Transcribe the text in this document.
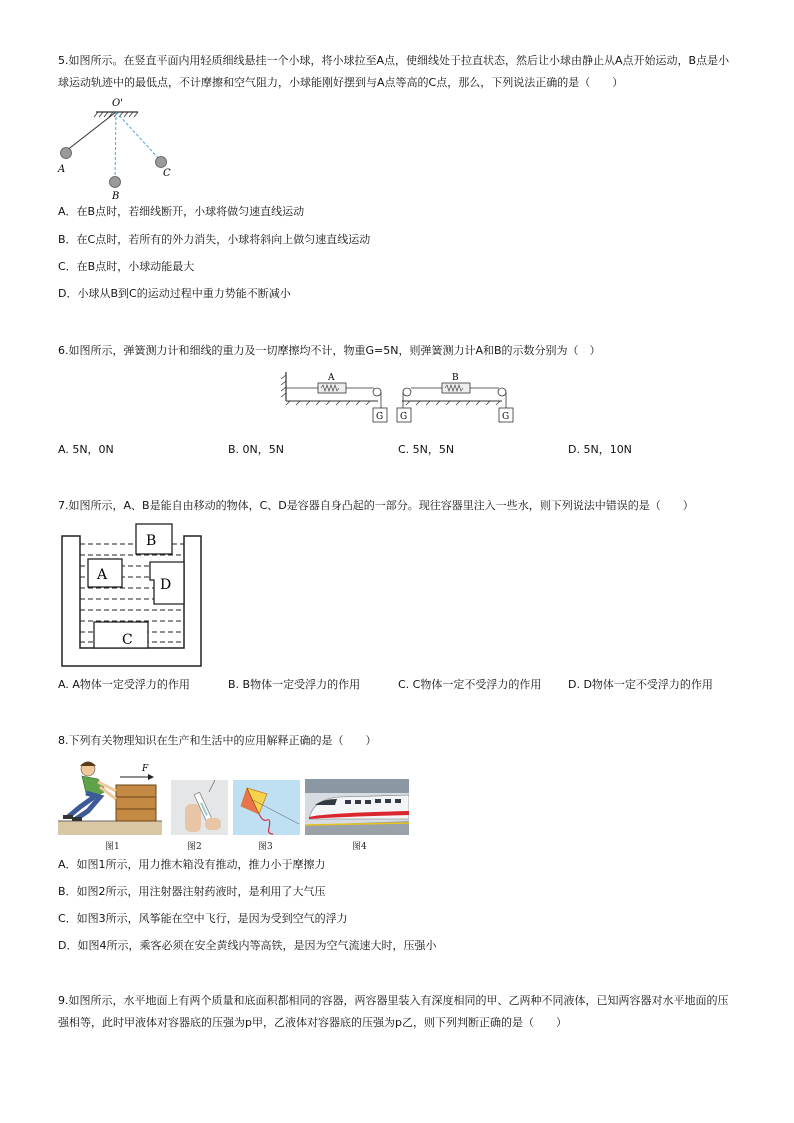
5.如图所示。在竖直平面内用轻质细线悬挂一个小球，将小球拉至A点，使细线处于拉直状态，然后让小球由静止从A点开始运动，B点是小球运动轨迹中的最低点，不计摩擦和空气阻力，小球能刚好摆到与A点等高的C点，那么，下列说法正确的是（　　）
O'
A
B
C
A．在B点时，若细线断开，小球将做匀速直线运动
B．在C点时，若所有的外力消失，小球将斜向上做匀速直线运动
C．在B点时，小球动能最大
D．小球从B到C的运动过程中重力势能不断减小
6.如图所示，弹簧测力计和细线的重力及一切摩擦均不计，物重G=5N，则弹簧测力计A和B的示数分别为（　）
A
G G
B
G
A. 5N，0N	B. 0N，5N	C. 5N，5N	D. 5N，10N
7.如图所示，A、B是能自由移动的物体，C、D是容器自身凸起的一部分。现往容器里注入一些水，则下列说法中错误的是（　　）
B
A
D
C
A. A物体一定受浮力的作用	B. B物体一定受浮力的作用	C. C物体一定不受浮力的作用 D. D物体一定不受浮力的作用
8.下列有关物理知识在生产和生活中的应用解释正确的是（　　）
F
图1	图2	图3	图4
A．如图1所示，用力推木箱没有推动，推力小于摩擦力
B．如图2所示，用注射器注射药液时，是利用了大气压
C．如图3所示，风筝能在空中飞行，是因为受到空气的浮力
D．如图4所示，乘客必须在安全黄线内等高铁，是因为空气流速大时，压强小
9.如图所示，水平地面上有两个质量和底面积都相同的容器，两容器里装入有深度相同的甲、乙两种不同液体，已知两容器对水平地面的压强相等，此时甲液体对容器底的压强为p甲，乙液体对容器底的压强为p乙，则下列判断正确的是（　　）
